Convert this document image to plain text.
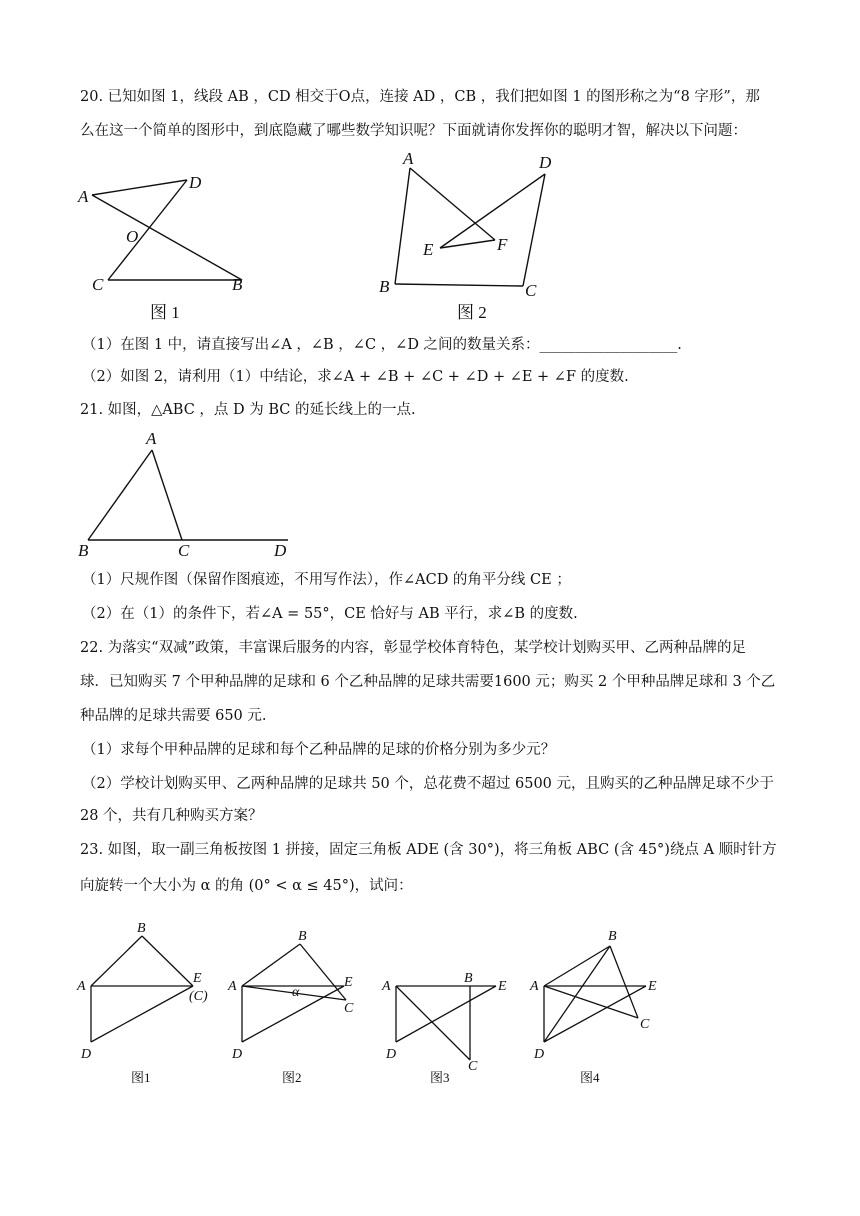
20. 已知如图 1，线段 AB ，CD 相交于O点，连接 AD ，CB ，我们把如图 1 的图形称之为“8 字形”，那
么在这一个简单的图形中，到底隐藏了哪些数学知识呢？下面就请你发挥你的聪明才智，解决以下问题：
A
D
O
C	B
图 1
A	D
E	F
B	C
图 2
（1）在图 1 中，请直接写出∠A ，∠B ，∠C ，∠D 之间的数量关系：___________________.
（2）如图 2，请利用（1）中结论，求∠A + ∠B + ∠C + ∠D + ∠E + ∠F 的度数.
21. 如图，△ABC ，点 D 为 BC 的延长线上的一点.
A
B	C	D
（1）尺规作图（保留作图痕迹，不用写作法），作∠ACD 的角平分线 CE ；
（2）在（1）的条件下，若∠A = 55°，CE 恰好与 AB 平行，求∠B 的度数.
22. 为落实“双减”政策，丰富课后服务的内容，彰显学校体育特色，某学校计划购买甲、乙两种品牌的足
球．已知购买 7 个甲种品牌的足球和 6 个乙种品牌的足球共需要1600 元；购买 2 个甲种品牌足球和 3 个乙
种品牌的足球共需要 650 元.
（1）求每个甲种品牌的足球和每个乙种品牌的足球的价格分别为多少元？
（2）学校计划购买甲、乙两种品牌的足球共 50 个，总花费不超过 6500 元，且购买的乙种品牌足球不少于
28 个，共有几种购买方案？
23. 如图，取一副三角板按图 1 拼接，固定三角板 ADE (含 30°)，将三角板 ABC (含 45°)绕点 A 顺时针方
向旋转一个大小为 α 的角 (0° < α ≤ 45°)，试问：
B
A
E
(C)
D
图1
B
A	α
E
C
D
图2
A
B
E
D
C
图3
B
A	E
C
D
图4
